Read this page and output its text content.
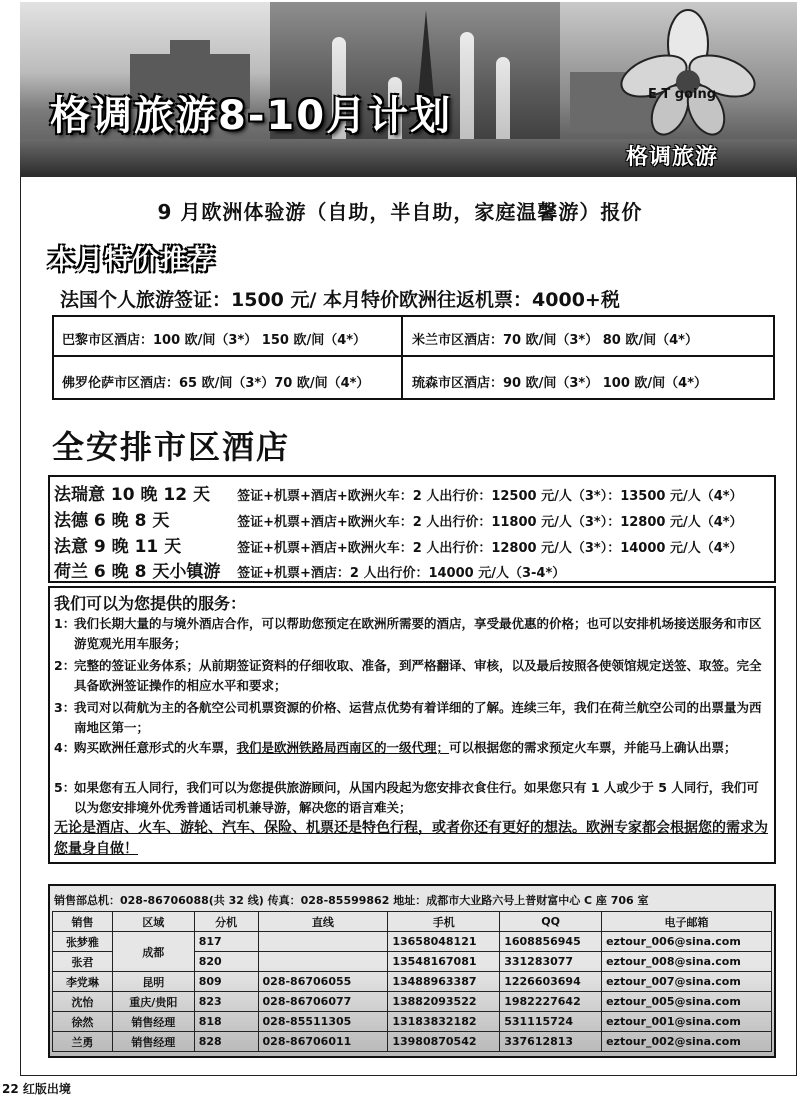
格调旅游8-10月计划	E T going
格调旅游
9 月欧洲体验游（自助，半自助，家庭温馨游）报价
本月特价推荐
法国个人旅游签证：1500 元/ 本月特价欧洲往返机票：4000+税
巴黎市区酒店：100 欧/间（3*） 150 欧/间（4*）	米兰市区酒店：70 欧/间（3*） 80 欧/间（4*）
佛罗伦萨市区酒店：65 欧/间（3*）70 欧/间（4*）	琉森市区酒店：90 欧/间（3*） 100 欧/间（4*）
全安排市区酒店
法瑞意 10 晚 12 天 签证+机票+酒店+欧洲火车：2 人出行价：12500 元/人（3*）：13500 元/人（4*）
法德 6 晚 8 天	签证+机票+酒店+欧洲火车：2 人出行价：11800 元/人（3*）：12800 元/人（4*）
法意 9 晚 11 天	签证+机票+酒店+欧洲火车：2 人出行价：12800 元/人（3*）：14000 元/人（4*）
荷兰 6 晚 8 天小镇游 签证+机票+酒店：2 人出行价：14000 元/人（3-4*）
我们可以为您提供的服务：
1：
我们长期大量的与境外酒店合作，可以帮助您预定在欧洲所需要的酒店，享受最优惠的价格；也可以安排机场接送服务和市区游览观光用车服务；
2：
完整的签证业务体系；从前期签证资料的仔细收取、准备，到严格翻译、审核，以及最后按照各使领馆规定送签、取签。完全具备欧洲签证操作的相应水平和要求；
3：
我司对以荷航为主的各航空公司机票资源的价格、运营点优势有着详细的了解。连续三年，我们在荷兰航空公司的出票量为西南地区第一；
4：
购买欧洲任意形式的火车票，我们是欧洲铁路局西南区的一级代理；可以根据您的需求预定火车票，并能马上确认出票；
5：
如果您有五人同行，我们可以为您提供旅游顾问，从国内段起为您安排衣食住行。如果您只有 1 人或少于 5 人同行，我们可以为您安排境外优秀普通话司机兼导游，解决您的语言难关；
无论是酒店、火车、游轮、汽车、保险、机票还是特色行程，或者你还有更好的想法。欧洲专家都会根据您的需求为您量身自做！
销售部总机：028-86706088(共 32 线) 传真：028-85599862 地址：成都市大业路六号上普财富中心 C 座 706 室
销售	区域	分机	直线	手机	QQ	电子邮箱
张梦雅	成都	817		13658048121	1608856945	eztour_006@sina.com
张君		820		13548167081	331283077	eztour_008@sina.com
李党琳	昆明	809	028-86706055	13488963387	1226603694	eztour_007@sina.com
沈怡	重庆/贵阳	823	028-86706077	13882093522	1982227642	eztour_005@sina.com
徐然	销售经理	818	028-85511305	13183832182	531115724	eztour_001@sina.com
兰勇	销售经理	828	028-86706011	13980870542	337612813	eztour_002@sina.com
22 红版出境
